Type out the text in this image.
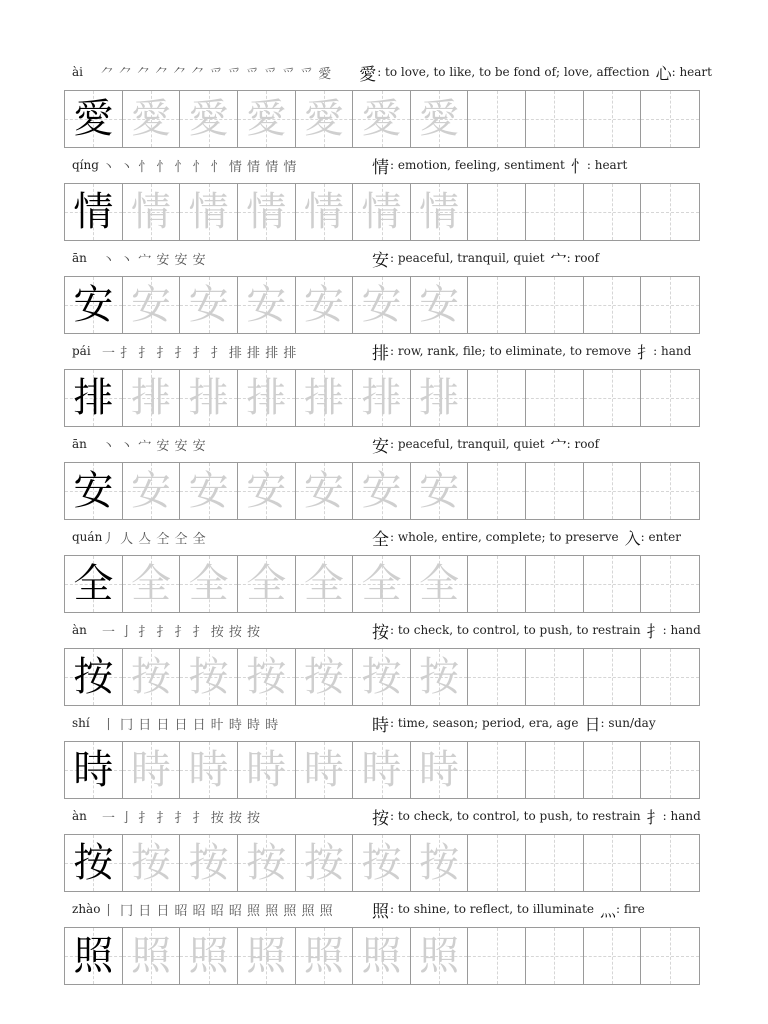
ài	⺈ ⺈ ⺈ ⺈ ⺈ ⺈ 爫 爫 爫 爫 爫 爫 愛	愛 : to love, to like, to be fond of; love, affection 心 : heart
愛 愛 愛 愛 愛 愛 愛
qíng 丶 丶 忄 忄 忄 忄 忄 情 情 情 情	情 : emotion, feeling, sentiment 忄 : heart
情 情 情 情 情 情 情
ān	丶 丶 宀 安 安 安	安 : peaceful, tranquil, quiet 宀 : roof
安 安 安 安 安 安 安
pái 一 扌 扌 扌 扌 扌 扌 排 排 排 排	排 : row, rank, file; to eliminate, to remove 扌 : hand
排 排 排 排 排 排 排
ān	丶 丶 宀 安 安 安	安 : peaceful, tranquil, quiet 宀 : roof
安 安 安 安 安 安 安
quán 丿 人 亼 仝 仝 全	全 : whole, entire, complete; to preserve 入 : enter
全 全 全 全 全 全 全
àn	一 亅 扌 扌 扌 扌 按 按 按	按 : to check, to control, to push, to restrain 扌 : hand
按 按 按 按 按 按 按
shí 丨 冂 日 日 日 日 旪 時 時 時	時 : time, season; period, era, age 日 : sun/day
時 時 時 時 時 時 時
àn	一 亅 扌 扌 扌 扌 按 按 按	按 : to check, to control, to push, to restrain 扌 : hand
按 按 按 按 按 按 按
zhào 丨 冂 日 日 昭 昭 昭 昭 照 照 照 照 照	照 : to shine, to reflect, to illuminate 灬 : fire
照 照 照 照 照 照 照
